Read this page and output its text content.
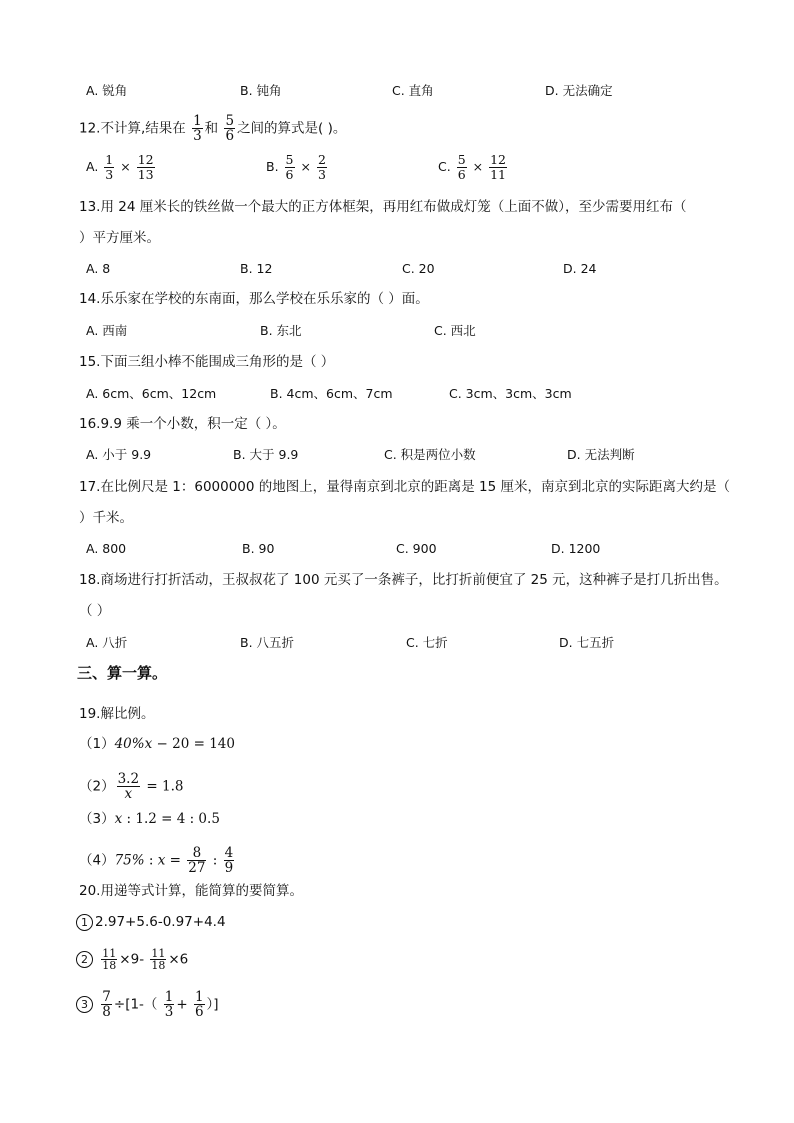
A. 锐角	B. 钝角	C. 直角	D. 无法确定
12.不计算,结果在 $\frac{1}{3}$ 和 $\frac{5}{6}$ 之间的算式是( )。
A. $\frac{1}{3} \times \frac{12}{13}$	B. $\frac{5}{6} \times \frac{2}{3}$	C. $\frac{5}{6} \times \frac{12}{11}$
13.用 24 厘米长的铁丝做一个最大的正方体框架，再用红布做成灯笼（上面不做），至少需要用红布（
）平方厘米。
A. 8	B. 12	C. 20	D. 24
14.乐乐家在学校的东南面，那么学校在乐乐家的（ ）面。
A. 西南	B. 东北	C. 西北
15.下面三组小棒不能围成三角形的是（ ）
A. 6cm、6cm、12cm	B. 4cm、6cm、7cm	C. 3cm、3cm、3cm
16.9.9 乘一个小数，积一定（ ）。
A. 小于 9.9	B. 大于 9.9	C. 积是两位小数	D. 无法判断
17.在比例尺是 1：6000000 的地图上，量得南京到北京的距离是 15 厘米，南京到北京的实际距离大约是（
）千米。
A. 800	B. 90	C. 900	D. 1200
18.商场进行打折活动，王叔叔花了 100 元买了一条裤子，比打折前便宜了 25 元，这种裤子是打几折出售。
（ ）
A. 八折	B. 八五折	C. 七折	D. 七五折
三、算一算。
19.解比例。
（1）40%x − 20 = 140
$(2) \frac{3.2}{x} = 1.8$
（3）x : 1.2 = 4 : 0.5
（4）75% : $x = \frac{8}{27}$ : $\frac{4}{9}$
20.用递等式计算，能简算的要简算。
1 2.97+5.6-0.97+4.4
$2 \frac{11}{18} \times 9- \frac{11}{18} \times 6$
$3 \frac{7}{8} \div[1-( \frac{1}{3} + \frac{1}{6}$ ）]
